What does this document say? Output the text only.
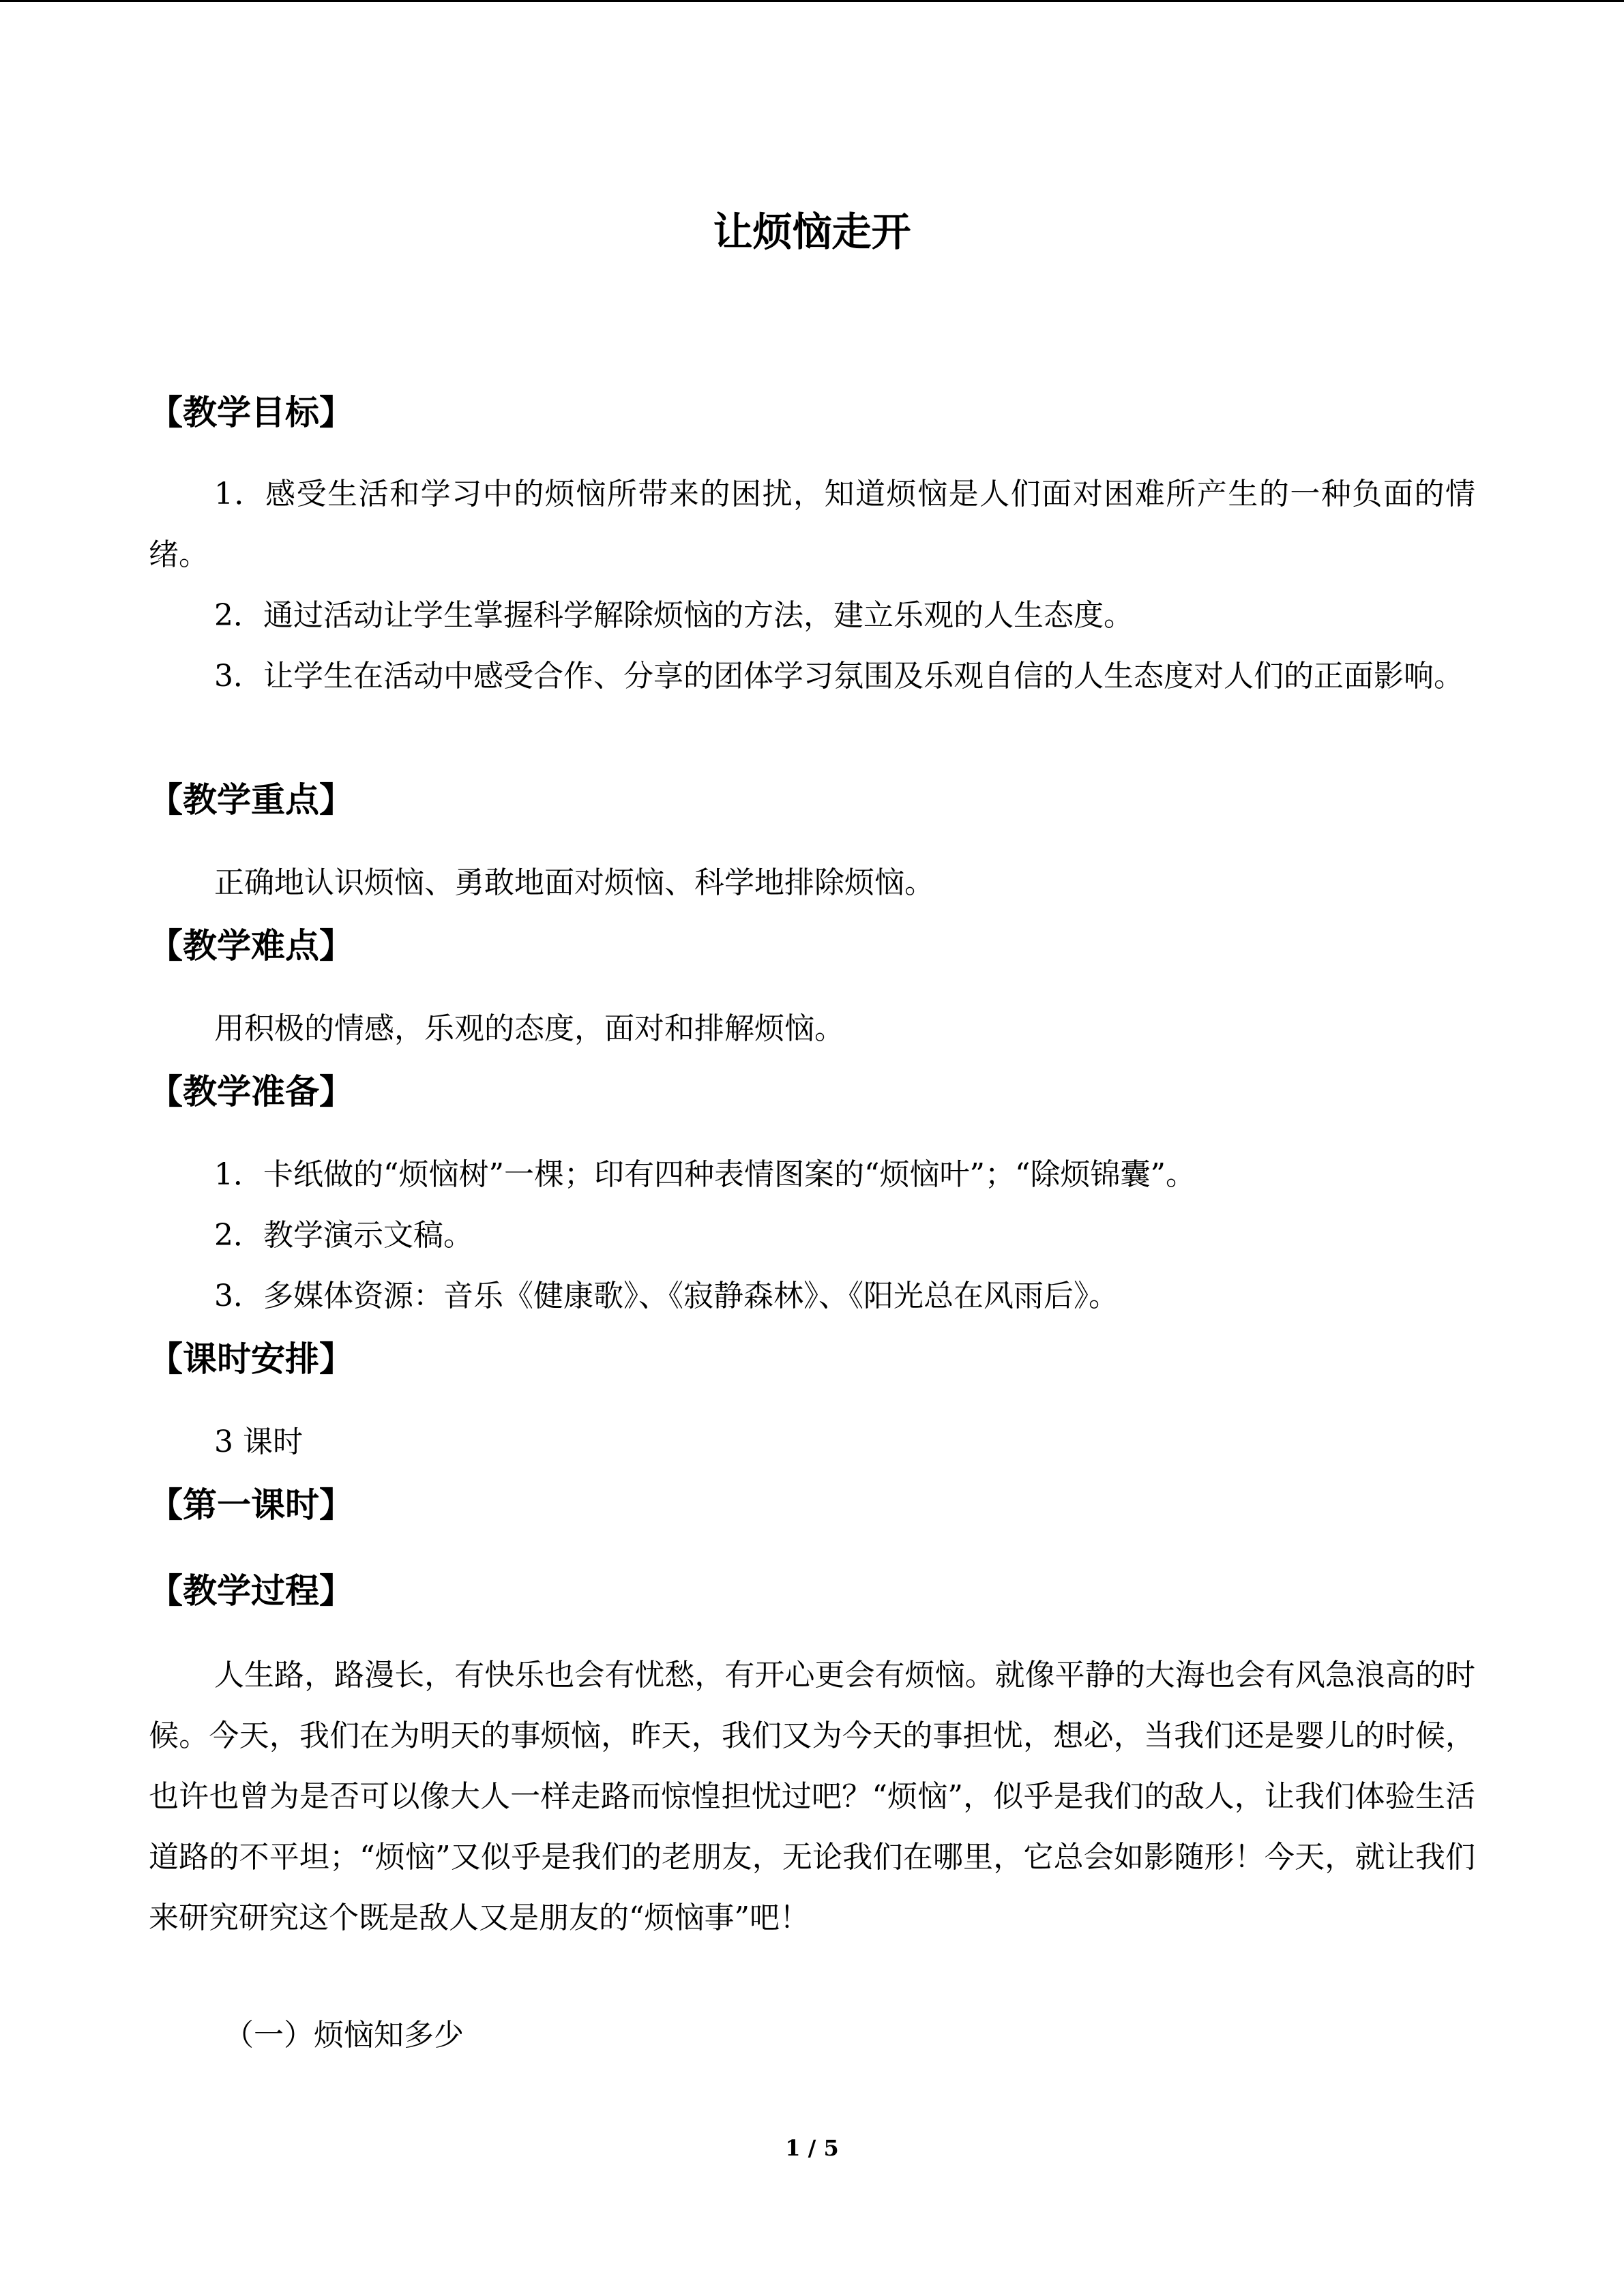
让烦恼走开
【教学目标】

1．感受生活和学习中的烦恼所带来的困扰，知道烦恼是人们面对困难所产生的一种负面的情绪。

2．通过活动让学生掌握科学解除烦恼的方法，建立乐观的人生态度。

3．让学生在活动中感受合作、分享的团体学习氛围及乐观自信的人生态度对人们的正面影响。

【教学重点】

正确地认识烦恼、勇敢地面对烦恼、科学地排除烦恼。

【教学难点】

用积极的情感，乐观的态度，面对和排解烦恼。

【教学准备】

1．卡纸做的“烦恼树”一棵；印有四种表情图案的“烦恼叶”；“除烦锦囊”。

2．教学演示文稿。

3．多媒体资源：音乐《健康歌》、《寂静森林》、《阳光总在风雨后》。

【课时安排】

3 课时

【第一课时】
【教学过程】

人生路，路漫长，有快乐也会有忧愁，有开心更会有烦恼。就像平静的大海也会有风急浪高的时候。今天，我们在为明天的事烦恼，昨天，我们又为今天的事担忧，想必，当我们还是婴儿的时候，也许也曾为是否可以像大人一样走路而惊惶担忧过吧？“烦恼”，似乎是我们的敌人，让我们体验生活道路的不平坦；“烦恼”又似乎是我们的老朋友，无论我们在哪里，它总会如影随形！今天，就让我们来研究研究这个既是敌人又是朋友的“烦恼事”吧！

（一）烦恼知多少

1 / 5
